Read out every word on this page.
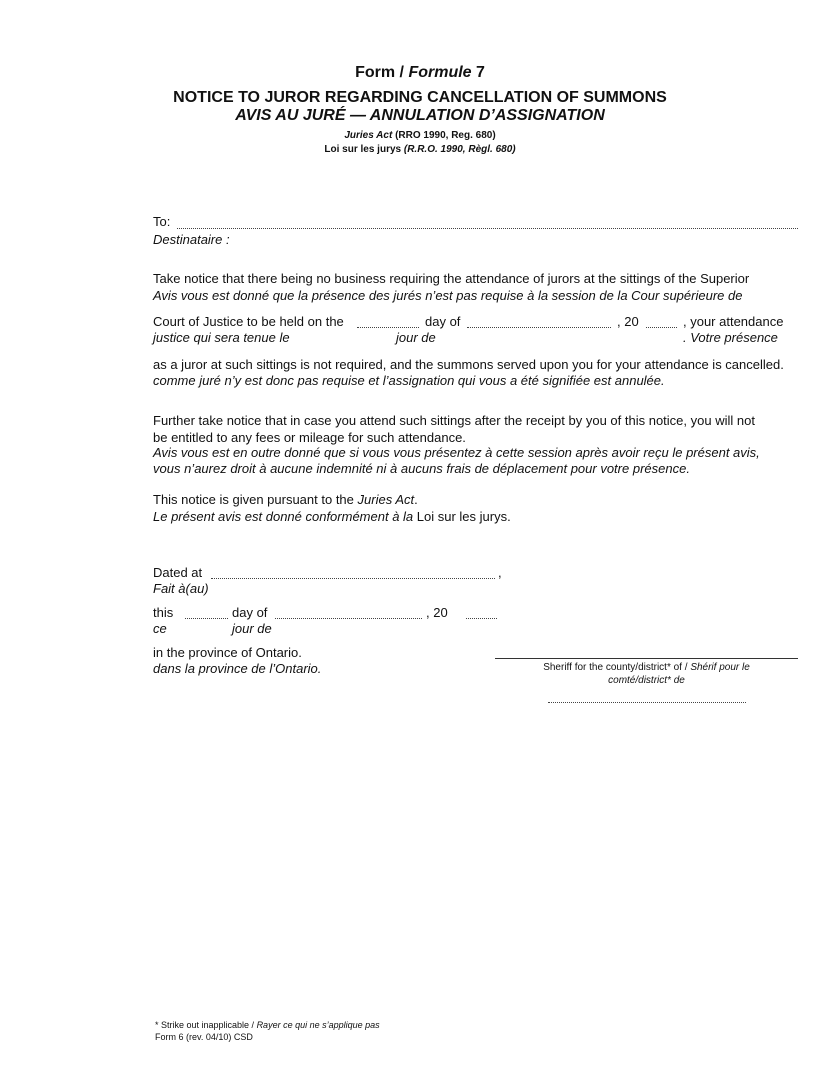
Form / Formule 7
NOTICE TO JUROR REGARDING CANCELLATION OF SUMMONS
AVIS AU JURÉ — ANNULATION D’ASSIGNATION
Juries Act (RRO 1990, Reg. 680)
Loi sur les jurys (R.R.O. 1990, Règl. 680)
To:
Destinataire :
Take notice that there being no business requiring the attendance of jurors at the sittings of the Superior
Avis vous est donné que la présence des jurés n’est pas requise à la session de la Cour supérieure de
Court of Justice to be held on the	day of	, 20	, your attendance
justice qui sera tenue le	jour de	. Votre présence
as a juror at such sittings is not required, and the summons served upon you for your attendance is cancelled.
comme juré n’y est donc pas requise et l’assignation qui vous a été signifiée est annulée.
Further take notice that in case you attend such sittings after the receipt by you of this notice, you will not
be entitled to any fees or mileage for such attendance.
Avis vous est en outre donné que si vous vous présentez à cette session après avoir reçu le présent avis,
vous n’aurez droit à aucune indemnité ni à aucuns frais de déplacement pour votre présence.
This notice is given pursuant to the Juries Act.
Le présent avis est donné conformément à la Loi sur les jurys.
Dated at	,
Fait à(au)
this	day of	, 20
ce	jour de
in the province of Ontario.
dans la province de l’Ontario.	Sheriff for the county/district* of / Shérif pour le
comté/district* de
* Strike out inapplicable / Rayer ce qui ne s’applique pas
Form 6 (rev. 04/10) CSD
